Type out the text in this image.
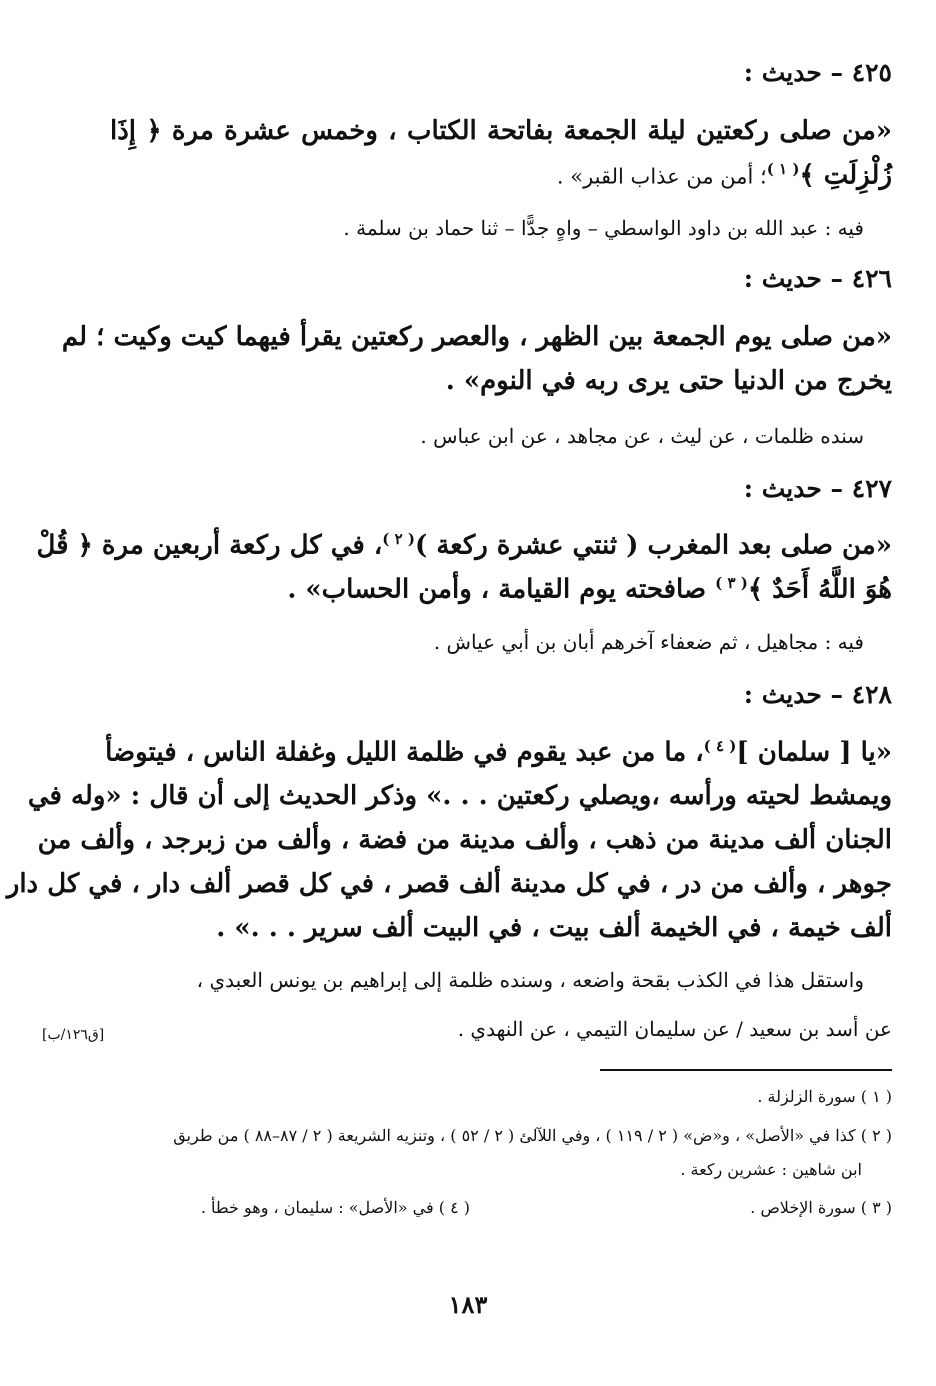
٤٢٥ – حديث :
«من صلى ركعتين ليلة الجمعة بفاتحة الكتاب ، وخمس عشرة مرة ﴿ إِذَا
زُلْزِلَتِ ﴾$^{( ١ )}$؛ أمن من عذاب القبر» .
فيه : عبد الله بن داود الواسطي – واهٍ جدًّا – ثنا حماد بن سلمة .
٤٢٦ – حديث :
«من صلى يوم الجمعة بين الظهر ، والعصر ركعتين يقرأ فيهما كيت وكيت ؛ لم
يخرج من الدنيا حتى يرى ربه في النوم» .
سنده ظلمات ، عن ليث ، عن مجاهد ، عن ابن عباس .
٤٢٧ – حديث :
«من صلى بعد المغرب ( ثنتي عشرة ركعة )$^{( ٢ )}$، في كل ركعة أربعين مرة ﴿ قُلْ
هُوَ اللَّهُ أَحَدٌ ﴾$^{( ٣ )}$ صافحته يوم القيامة ، وأمن الحساب» .
فيه : مجاهيل ، ثم ضعفاء آخرهم أبان بن أبي عياش .
٤٢٨ – حديث :
«يا [ سلمان ]$^{( ٤ )}$، ما من عبد يقوم في ظلمة الليل وغفلة الناس ، فيتوضأ
ويمشط لحيته ورأسه ،ويصلي ركعتين . . .» وذكر الحديث إلى أن قال : «وله في
الجنان ألف مدينة من ذهب ، وألف مدينة من فضة ، وألف من زبرجد ، وألف من
جوهر ، وألف من در ، في كل مدينة ألف قصر ، في كل قصر ألف دار ، في كل دار
ألف خيمة ، في الخيمة ألف بيت ، في البيت ألف سرير . . .» .
واستقل هذا في الكذب بقحة واضعه ، وسنده ظلمة إلى إبراهيم بن يونس العبدي ،
عن أسد بن سعيد / عن سليمان التيمي ، عن النهدي .
[ق١٢٦/ب]
( ١ ) سورة الزلزلة .
( ٢ ) كذا في «الأصل» ، و«ض» ( ٢ / ١١٩ ) ، وفي اللآلئ ( ٢ / ٥٢ ) ، وتنزيه الشريعة ( ٢ / ٨٧–٨٨ ) من طريق
ابن شاهين : عشرين ركعة .
( ٣ ) سورة الإخلاص .
( ٤ ) في «الأصل» : سليمان ، وهو خطأ .
١٨٣
